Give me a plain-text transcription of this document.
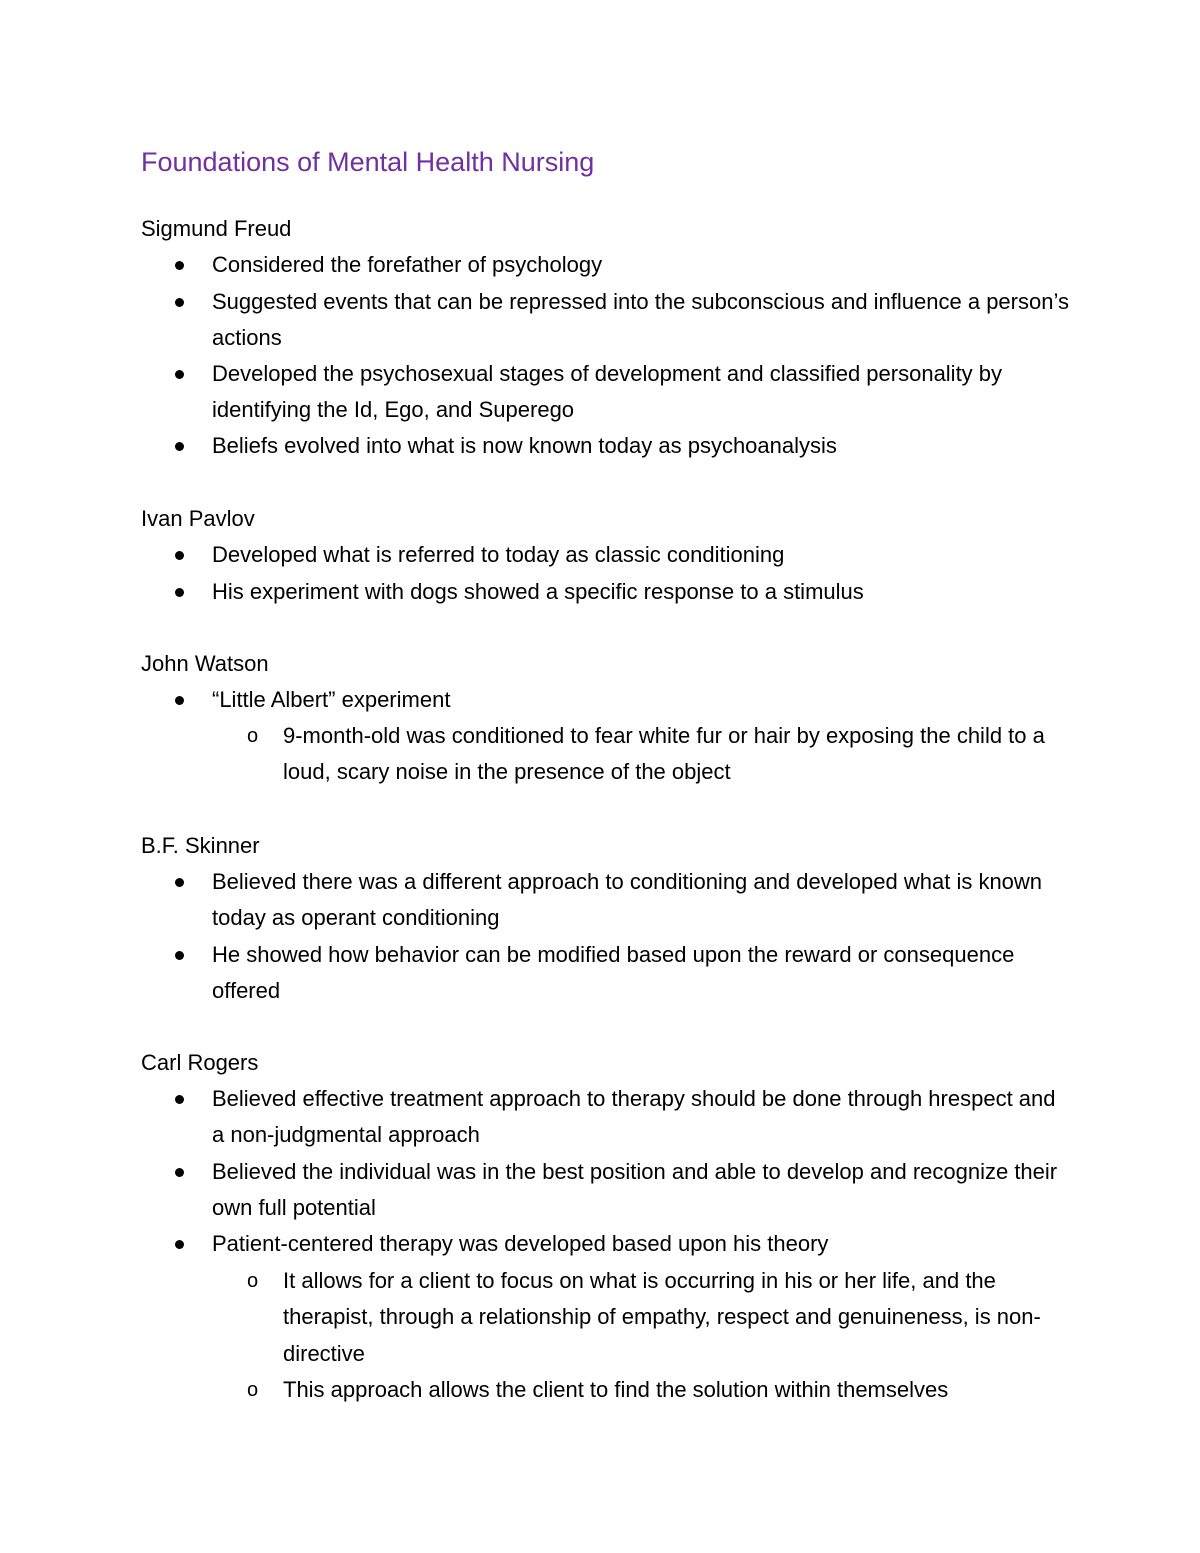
Foundations of Mental Health Nursing
Sigmund Freud
Considered the forefather of psychology
Suggested events that can be repressed into the subconscious and influence a person’s actions
Developed the psychosexual stages of development and classified personality by identifying the Id, Ego, and Superego
Beliefs evolved into what is now known today as psychoanalysis
Ivan Pavlov
Developed what is referred to today as classic conditioning
His experiment with dogs showed a specific response to a stimulus
John Watson
“Little Albert” experiment
o 9-month-old was conditioned to fear white fur or hair by exposing the child to a loud, scary noise in the presence of the object
B.F. Skinner
Believed there was a different approach to conditioning and developed what is known today as operant conditioning
He showed how behavior can be modified based upon the reward or consequence offered
Carl Rogers
Believed effective treatment approach to therapy should be done through hrespect and a non-judgmental approach
Believed the individual was in the best position and able to develop and recognize their own full potential
Patient-centered therapy was developed based upon his theory
o It allows for a client to focus on what is occurring in his or her life, and the therapist, through a relationship of empathy, respect and genuineness, is non-directive
o This approach allows the client to find the solution within themselves
